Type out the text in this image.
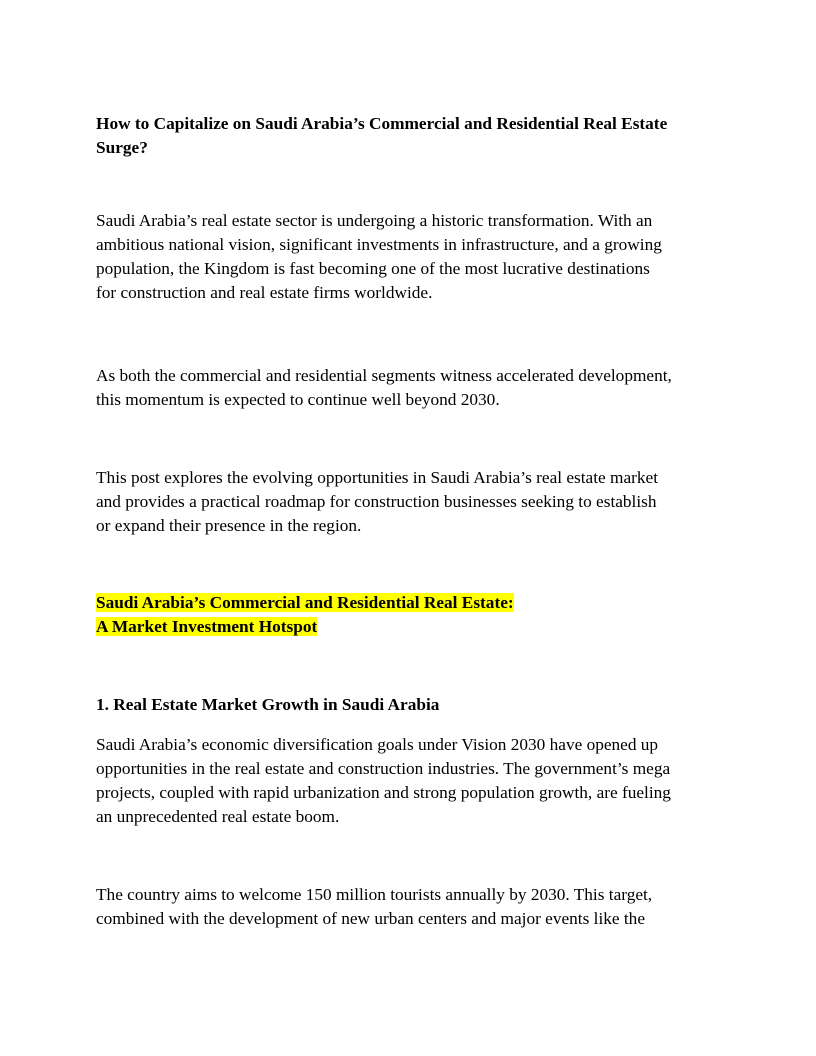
How to Capitalize on Saudi Arabia’s Commercial and Residential Real Estate
Surge?

Saudi Arabia’s real estate sector is undergoing a historic transformation. With an
ambitious national vision, significant investments in infrastructure, and a growing
population, the Kingdom is fast becoming one of the most lucrative destinations
for construction and real estate firms worldwide.

As both the commercial and residential segments witness accelerated development,
this momentum is expected to continue well beyond 2030.

This post explores the evolving opportunities in Saudi Arabia’s real estate market
and provides a practical roadmap for construction businesses seeking to establish
or expand their presence in the region.

Saudi Arabia’s Commercial and Residential Real Estate:
A Market Investment Hotspot
1. Real Estate Market Growth in Saudi Arabia

Saudi Arabia’s economic diversification goals under Vision 2030 have opened up
opportunities in the real estate and construction industries. The government’s mega
projects, coupled with rapid urbanization and strong population growth, are fueling
an unprecedented real estate boom.

The country aims to welcome 150 million tourists annually by 2030. This target,
combined with the development of new urban centers and major events like the
